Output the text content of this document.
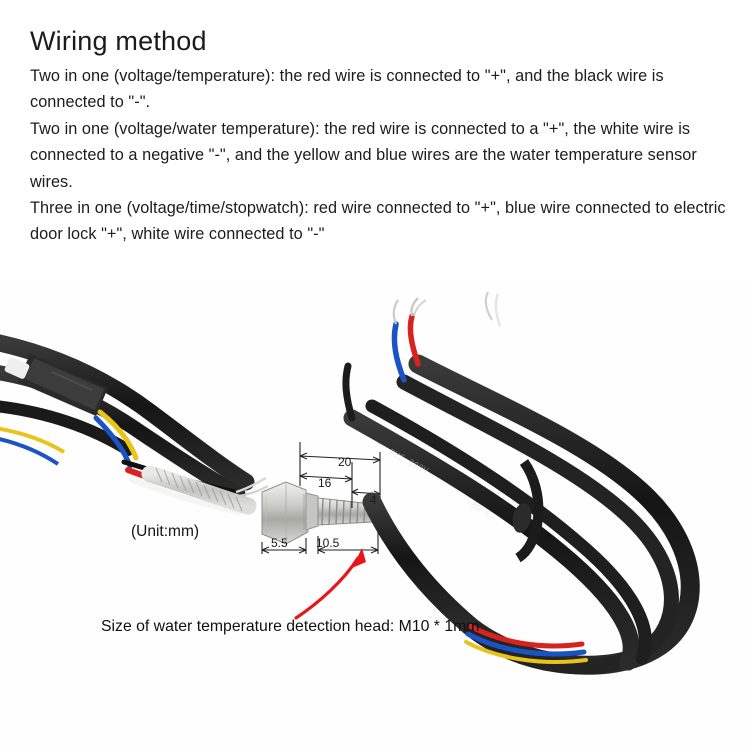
Wiring method

Two in one (voltage/temperature): the red wire is connected to "+", and the black wire is connected to "-".

Two in one (voltage/water temperature): the red wire is connected to a "+", the white wire is connected to a negative "-", and the yellow and blue wires are the water temperature sensor wires.

Three in one (voltage/time/stopwatch): red wire connected to "+", blue wire connected to electric door lock "+", white wire connected to "-"

PVC 300V
80°C
20
16
4
5.5 10.5
(Unit:mm)
Size of water temperature detection head: M10 * 1mm
